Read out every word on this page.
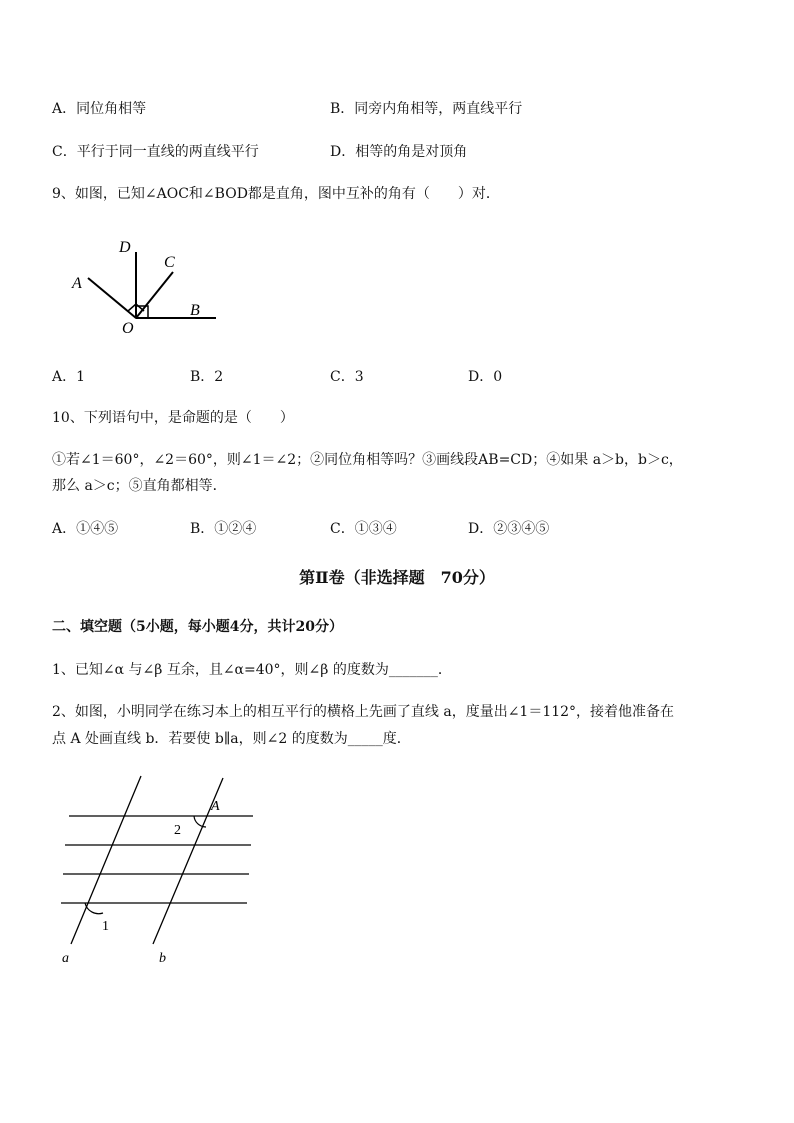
A．同位角相等	B．同旁内角相等，两直线平行
C．平行于同一直线的两直线平行	D．相等的角是对顶角
9、如图，已知∠AOC和∠BOD都是直角，图中互补的角有（　　）对．
D
C
A
B
O
A．1	B．2	C．3	D．0
10、下列语句中，是命题的是（　　）
①若∠1＝60°，∠2＝60°，则∠1＝∠2；②同位角相等吗？③画线段AB=CD；④如果 a＞b，b＞c，
那么 a＞c；⑤直角都相等．
A．①④⑤	B．①②④	C．①③④	D．②③④⑤
第Ⅱ卷（非选择题　70分）
二、填空题（5小题，每小题4分，共计20分）
1、已知∠α 与∠β 互余，且∠α=40°，则∠β 的度数为_______．
2、如图，小明同学在练习本上的相互平行的横格上先画了直线 a，度量出∠1＝112°，接着他准备在
点 A 处画直线 b．若要使 b∥a，则∠2 的度数为_____度．
A
2
1
a	b
